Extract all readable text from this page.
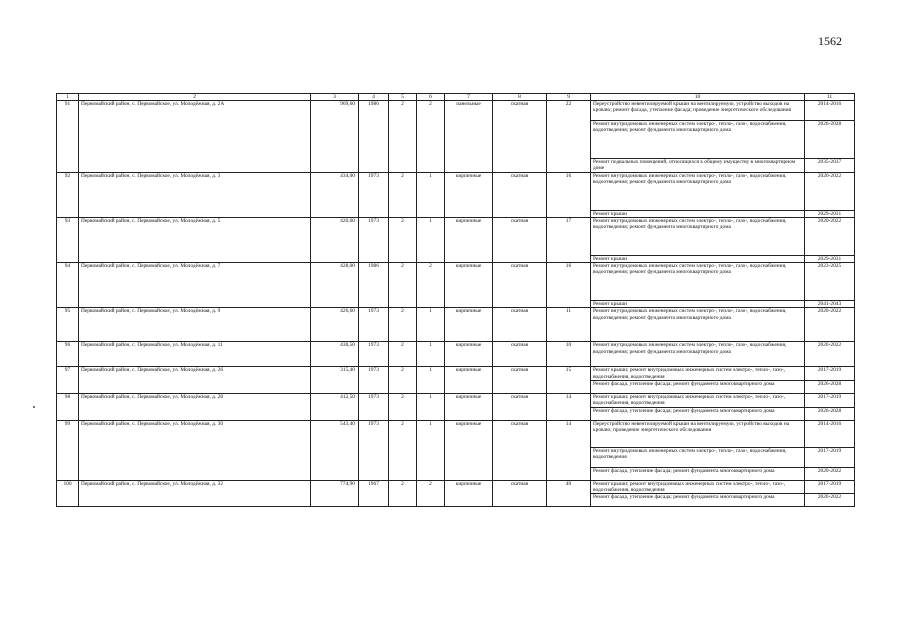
1562
1	2	3	4	5	6	7	8	9	10	11
91	Первомайский район, с. Первомайское, ул. Молодёжная, д. 2А	969,60	1986	2	2	панельные	скатная	22	Переустройство невентилируемой крыши на вентилируемую, устройство выходов на кровлю; ремонт фасада, утепление фасада; проведение энергетического обследования	2014-2016
									Ремонт внутридомовых инженерных систем электро-, тепло-, газо-, водоснабжения, водоотведения; ремонт фундамента многоквартирного дома	2026-2028
									Ремонт подвальных помещений, относящихся к общему имуществу в многоквартирном доме	2035-2037
92	Первомайский район, с. Первомайское, ул. Молодёжная, д. 3	434,00	1973	2	1	кирпичные	скатная	16	Ремонт внутридомовых инженерных систем электро-, тепло-, газо-, водоснабжения, водоотведения; ремонт фундамента многоквартирного дома	2020-2022
									Ремонт крыши	2029-2031
93	Первомайский район, с. Первомайское, ул. Молодёжная, д. 5	420,60	1973	2	1	кирпичные	скатная	17	Ремонт внутридомовых инженерных систем электро-, тепло-, газо-, водоснабжения, водоотведения; ремонт фундамента многоквартирного дома	2020-2022
									Ремонт крыши	2029-2031
94	Первомайский район, с. Первомайское, ул. Молодёжная, д. 7	428,00	1986	2	2	кирпичные	скатная	16	Ремонт внутридомовых инженерных систем электро-, тепло-, газо-, водоснабжения, водоотведения; ремонт фундамента многоквартирного дома	2023-2025
									Ремонт крыши	2041-2043
95	Первомайский район, с. Первомайское, ул. Молодёжная, д. 9	426,60	1973	2	1	кирпичные	скатная	11	Ремонт внутридомовых инженерных систем электро-, тепло-, газо-, водоснабжения, водоотведения; ремонт фундамента многоквартирного дома	2020-2022
96	Первомайский район, с. Первомайское, ул. Молодёжная, д. 11	430,50	1973	2	1	кирпичные	скатная	10	Ремонт внутридомовых инженерных систем электро-, тепло-, газо-, водоснабжения, водоотведения; ремонт фундамента многоквартирного дома	2020-2022
97	Первомайский район, с. Первомайское, ул. Молодёжная, д. 26	315,40	1973	2	1	кирпичные	скатная	15	Ремонт крыши; ремонт внутридомовых инженерных систем электро-, тепло-, газо-, водоснабжения, водоотведения	2017-2019
									Ремонт фасада, утепление фасада; ремонт фундамента многоквартирного дома	2026-2028
98	Первомайский район, с. Первомайское, ул. Молодёжная, д. 28	412,50	1973	2	1	кирпичные	скатная	14	Ремонт крыши; ремонт внутридомовых инженерных систем электро-, тепло-, газо-, водоснабжения, водоотведения	2017-2019
									Ремонт фасада, утепление фасада; ремонт фундамента многоквартирного дома	2026-2028
99	Первомайский район, с. Первомайское, ул. Молодёжная, д. 30	543,40	1973	2	1	кирпичные	скатная	14	Переустройство невентилируемой крыши на вентилируемую, устройство выходов на кровлю; проведение энергетического обследования	2014-2016
									Ремонт внутридомовых инженерных систем электро-, тепло-, газо-, водоснабжения, водоотведения	2017-2019
									Ремонт фасада, утепление фасада; ремонт фундамента многоквартирного дома	2020-2022
100	Первомайский район, с. Первомайское, ул. Молодёжная, д. 32	774,90	1967	2	2	кирпичные	скатная	40	Ремонт крыши; ремонт внутридомовых инженерных систем электро-, тепло-, газо-, водоснабжения, водоотведения	2017-2019
									Ремонт фасада, утепление фасада; ремонт фундамента многоквартирного дома	2020-2022
